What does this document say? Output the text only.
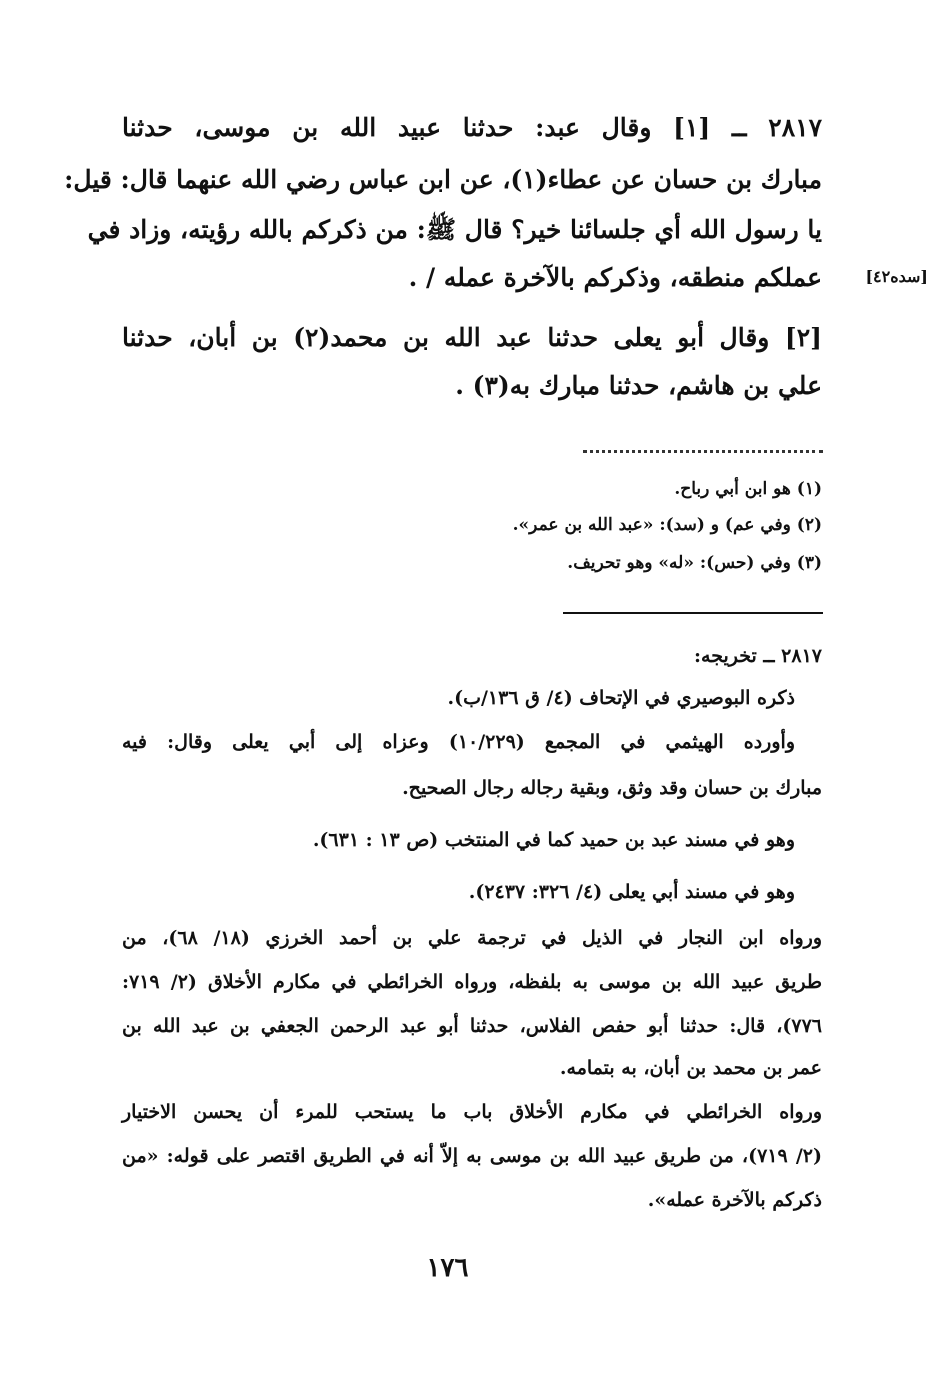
٢٨١٧ ــ [١] وقال عبد: حدثنا عبيد الله بن موسى، حدثنا
مبارك بن حسان عن عطاء(١)، عن ابن عباس رضي الله عنهما قال: قيل:
يا رسول الله أي جلسائنا خير؟ قال ﷺ: من ذكركم بالله رؤيته، وزاد في
عملكم منطقه، وذكركم بالآخرة عمله / .	[سده٤٢]
[٢] وقال أبو يعلى حدثنا عبد الله بن محمد(٢) بن أبان، حدثنا
علي بن هاشم، حدثنا مبارك به(٣) .
(١) هو ابن أبي رباح.
(٢) وفي عم) و (سد): «عبد الله بن عمر».
(٣) وفي (حس): «له» وهو تحريف.
٢٨١٧ ــ تخريجه:
ذكره البوصيري في الإتحاف (٤/ ق ١٣٦/ب).
وأورده الهيثمي في المجمع (١٠/٢٢٩) وعزاه إلى أبي يعلى وقال: فيه
مبارك بن حسان وقد وثق، وبقية رجاله رجال الصحيح.
وهو في مسند عبد بن حميد كما في المنتخب (ص ١٣ : ٦٣١).
وهو في مسند أبي يعلى (٤/ ٣٢٦: ٢٤٣٧).
ورواه ابن النجار في الذيل في ترجمة علي بن أحمد الخرزي (١٨/ ٦٨)، من
طريق عبيد الله بن موسى به بلفظه، ورواه الخرائطي في مكارم الأخلاق (٢/ ٧١٩:
٧٧٦)، قال: حدثنا أبو حفص الفلاس، حدثنا أبو عبد الرحمن الجعفي بن عبد الله بن
عمر بن محمد بن أبان، به بتمامه.
ورواه الخرائطي في مكارم الأخلاق باب ما يستحب للمرء أن يحسن الاختيار
(٢/ ٧١٩)، من طريق عبيد الله بن موسى به إلاّ أنه في الطريق اقتصر على قوله: «من
ذكركم بالآخرة عمله».
١٧٦
